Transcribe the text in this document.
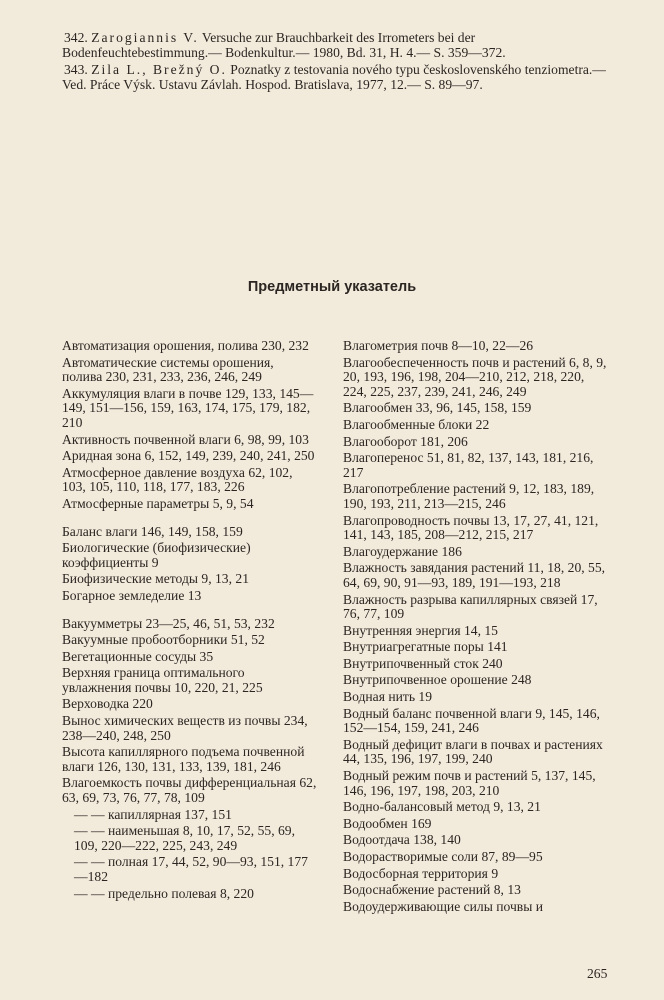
342. Zarogiannis V. Versuche zur Brauchbarkeit des Irrometers bei der Bodenfeuchtebestimmung.— Bodenkultur.— 1980, Bd. 31, H. 4.— S. 359—372.

343. Zila L., Brežný O. Poznatky z testovania nového typu československého tenziometra.— Ved. Práce Výsk. Ustavu Závlah. Hospod. Bratislava, 1977, 12.— S. 89—97.

Предметный указатель
Автоматизация орошения, полива 230, 232
Автоматические системы орошения, полива 230, 231, 233, 236, 246, 249
Аккумуляция влаги в почве 129, 133, 145—149, 151—156, 159, 163, 174, 175, 179, 182, 210
Активность почвенной влаги 6, 98, 99, 103
Аридная зона 6, 152, 149, 239, 240, 241, 250
Атмосферное давление воздуха 62, 102, 103, 105, 110, 118, 177, 183, 226
Атмосферные параметры 5, 9, 54
Баланс влаги 146, 149, 158, 159
Биологические (биофизические) коэффициенты 9
Биофизические методы 9, 13, 21
Богарное земледелие 13
Вакуумметры 23—25, 46, 51, 53, 232
Вакуумные пробоотборники 51, 52
Вегетационные сосуды 35
Верхняя граница оптимального увлажнения почвы 10, 220, 21, 225
Верховодка 220
Вынос химических веществ из почвы 234, 238—240, 248, 250
Высота капиллярного подъема почвенной влаги 126, 130, 131, 133, 139, 181, 246
Влагоемкость почвы дифференциальная 62, 63, 69, 73, 76, 77, 78, 109
— — капиллярная 137, 151
— — наименьшая 8, 10, 17, 52, 55, 69, 109, 220—222, 225, 243, 249
— — полная 17, 44, 52, 90—93, 151, 177—182
— — предельно полевая 8, 220
Влагометрия почв 8—10, 22—26
Влагообеспеченность почв и растений 6, 8, 9, 20, 193, 196, 198, 204—210, 212, 218, 220, 224, 225, 237, 239, 241, 246, 249
Влагообмен 33, 96, 145, 158, 159
Влагообменные блоки 22
Влагооборот 181, 206
Влагоперенос 51, 81, 82, 137, 143, 181, 216, 217
Влагопотребление растений 9, 12, 183, 189, 190, 193, 211, 213—215, 246
Влагопроводность почвы 13, 17, 27, 41, 121, 141, 143, 185, 208—212, 215, 217
Влагоудержание 186
Влажность завядания растений 11, 18, 20, 55, 64, 69, 90, 91—93, 189, 191—193, 218
Влажность разрыва капиллярных связей 17, 76, 77, 109
Внутренняя энергия 14, 15
Внутриагрегатные поры 141
Внутрипочвенный сток 240
Внутрипочвенное орошение 248
Водная нить 19
Водный баланс почвенной влаги 9, 145, 146, 152—154, 159, 241, 246
Водный дефицит влаги в почвах и растениях 44, 135, 196, 197, 199, 240
Водный режим почв и растений 5, 137, 145, 146, 196, 197, 198, 203, 210
Водно-балансовый метод 9, 13, 21
Водообмен 169
Водоотдача 138, 140
Водорастворимые соли 87, 89—95
Водосборная территория 9
Водоснабжение растений 8, 13
Водоудерживающие силы почвы и
265
